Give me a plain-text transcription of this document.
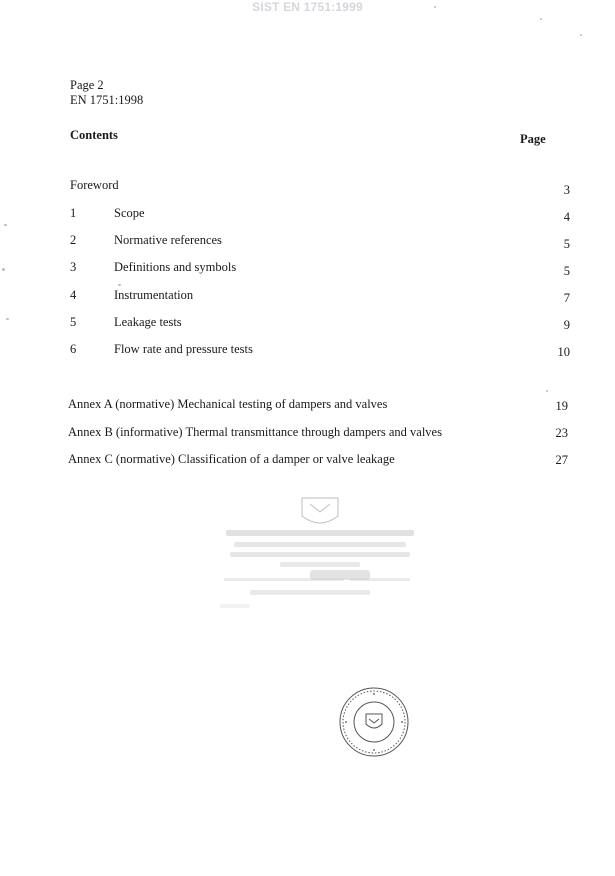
SIST EN 1751:1999
Page 2
EN 1751:1998
Contents	Page
Foreword	3
1	Scope	4
2	Normative references	5
3	Definitions and symbols	5
4	Instrumentation	7
5	Leakage tests	9
6	Flow rate and pressure tests	10
Annex A (normative) Mechanical testing of dampers and valves	19
Annex B (informative) Thermal transmittance through dampers and valves	23
Annex C (normative) Classification of a damper or valve leakage	27
